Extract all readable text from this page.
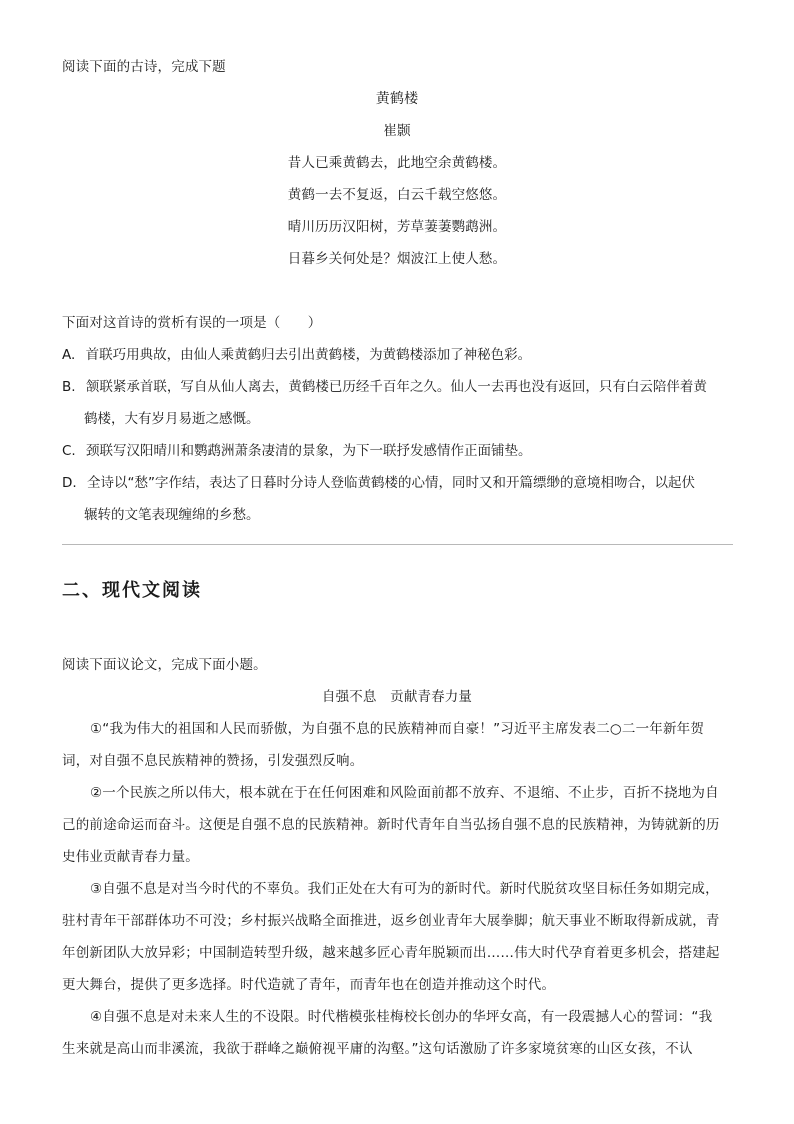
阅读下面的古诗，完成下题
黄鹤楼
崔颢
昔人已乘黄鹤去，此地空余黄鹤楼。
黄鹤一去不复返，白云千载空悠悠。
晴川历历汉阳树，芳草萋萋鹦鹉洲。
日暮乡关何处是？烟波江上使人愁。
下面对这首诗的赏析有误的一项是（　　）
A. 首联巧用典故，由仙人乘黄鹤归去引出黄鹤楼，为黄鹤楼添加了神秘色彩。
B. 颔联紧承首联，写自从仙人离去，黄鹤楼已历经千百年之久。仙人一去再也没有返回，只有白云陪伴着黄
鹤楼，大有岁月易逝之感慨。
C. 颈联写汉阳晴川和鹦鹉洲萧条凄清的景象，为下一联抒发感情作正面铺垫。
D. 全诗以“愁”字作结，表达了日暮时分诗人登临黄鹤楼的心情，同时又和开篇缥缈的意境相吻合，以起伏
辗转的文笔表现缠绵的乡愁。
二、现代文阅读
阅读下面议论文，完成下面小题。
自强不息　贡献青春力量
①“我为伟大的祖国和人民而骄傲，为自强不息的民族精神而自豪！”习近平主席发表二○二一年新年贺
词，对自强不息民族精神的赞扬，引发强烈反响。
②一个民族之所以伟大，根本就在于在任何困难和风险面前都不放弃、不退缩、不止步，百折不挠地为自
己的前途命运而奋斗。这便是自强不息的民族精神。新时代青年自当弘扬自强不息的民族精神，为铸就新的历
史伟业贡献青春力量。
③自强不息是对当今时代的不辜负。我们正处在大有可为的新时代。新时代脱贫攻坚目标任务如期完成，
驻村青年干部群体功不可没；乡村振兴战略全面推进，返乡创业青年大展拳脚；航天事业不断取得新成就，青
年创新团队大放异彩；中国制造转型升级，越来越多匠心青年脱颖而出……伟大时代孕育着更多机会，搭建起
更大舞台，提供了更多选择。时代造就了青年，而青年也在创造并推动这个时代。
④自强不息是对未来人生的不设限。时代楷模张桂梅校长创办的华坪女高，有一段震撼人心的誓词：“我
生来就是高山而非溪流，我欲于群峰之巅俯视平庸的沟壑。”这句话激励了许多家境贫寒的山区女孩，不认
